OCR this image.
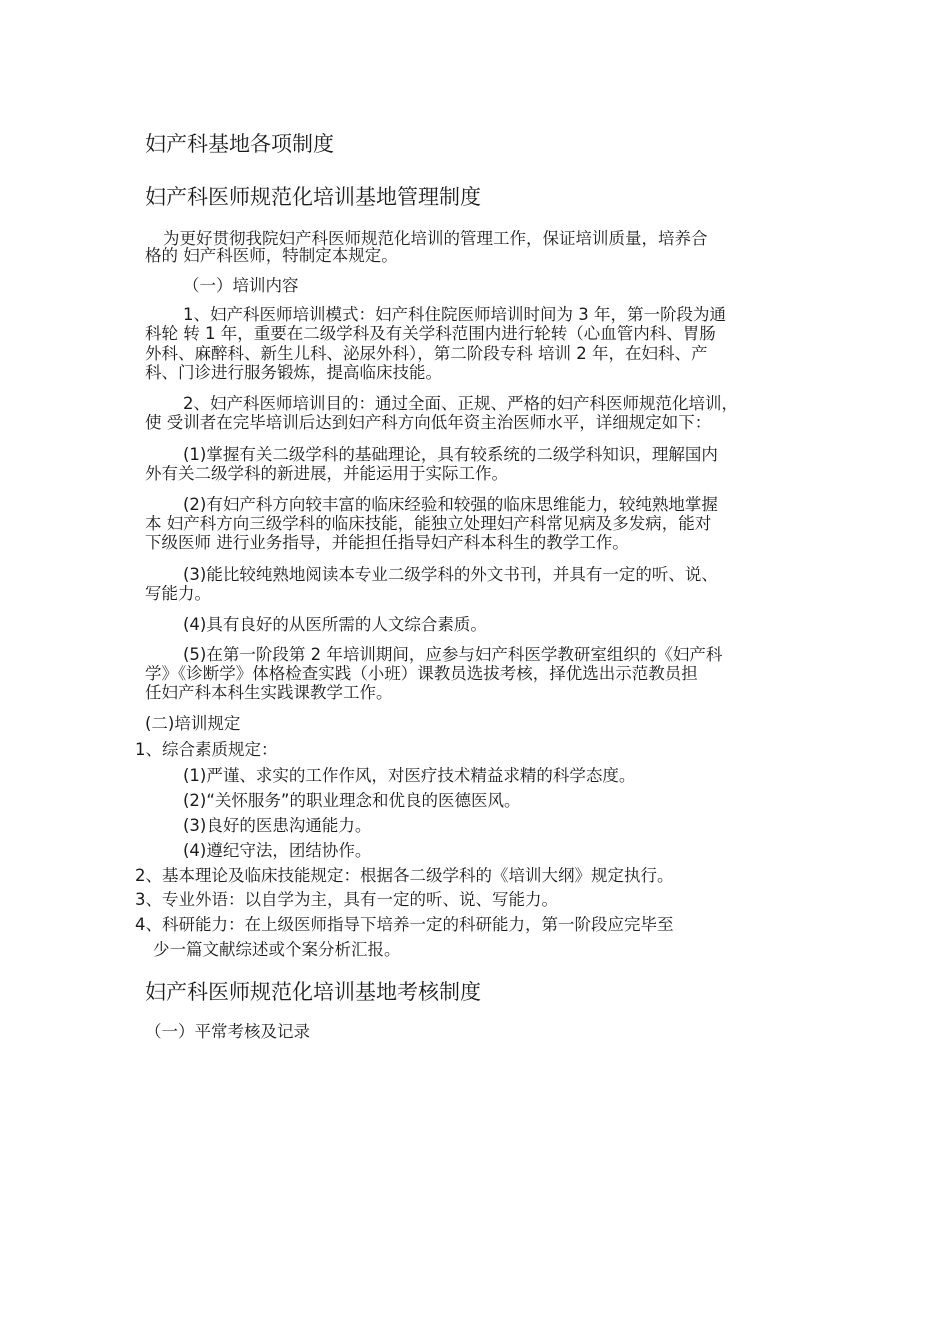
妇产科基地各项制度
妇产科医师规范化培训基地管理制度

为更好贯彻我院妇产科医师规范化培训的管理工作，保证培训质量，培养合

格的 妇产科医师，特制定本规定。

（一）培训内容

1、妇产科医师培训模式：妇产科住院医师培训时间为 3 年，第一阶段为通

科轮 转 1 年，重要在二级学科及有关学科范围内进行轮转（心血管内科、胃肠

外科、麻醉科、新生儿科、泌尿外科），第二阶段专科 培训 2 年，在妇科、产

科、门诊进行服务锻炼，提高临床技能。

2、妇产科医师培训目的：通过全面、正规、严格的妇产科医师规范化培训，

使 受训者在完毕培训后达到妇产科方向低年资主治医师水平，详细规定如下：

(1)掌握有关二级学科的基础理论，具有较系统的二级学科知识，理解国内

外有关二级学科的新进展，并能运用于实际工作。

(2)有妇产科方向较丰富的临床经验和较强的临床思维能力，较纯熟地掌握

本 妇产科方向三级学科的临床技能，能独立处理妇产科常见病及多发病，能对

下级医师 进行业务指导，并能担任指导妇产科本科生的教学工作。

(3)能比较纯熟地阅读本专业二级学科的外文书刊，并具有一定的听、说、

写能力。

(4)具有良好的从医所需的人文综合素质。

(5)在第一阶段第 2 年培训期间，应参与妇产科医学教研室组织的《妇产科

学》《诊断学》体格检查实践（小班）课教员选拔考核，择优选出示范教员担

任妇产科本科生实践课教学工作。

(二)培训规定

1、综合素质规定：

(1)严谨、求实的工作作风，对医疗技术精益求精的科学态度。

(2)“关怀服务”的职业理念和优良的医德医风。

(3)良好的医患沟通能力。

(4)遵纪守法，团结协作。

2、基本理论及临床技能规定：根据各二级学科的《培训大纲》规定执行。

3、专业外语：以自学为主，具有一定的听、说、写能力。

4、科研能力：在上级医师指导下培养一定的科研能力，第一阶段应完毕至

少一篇文献综述或个案分析汇报。

妇产科医师规范化培训基地考核制度

（一）平常考核及记录
